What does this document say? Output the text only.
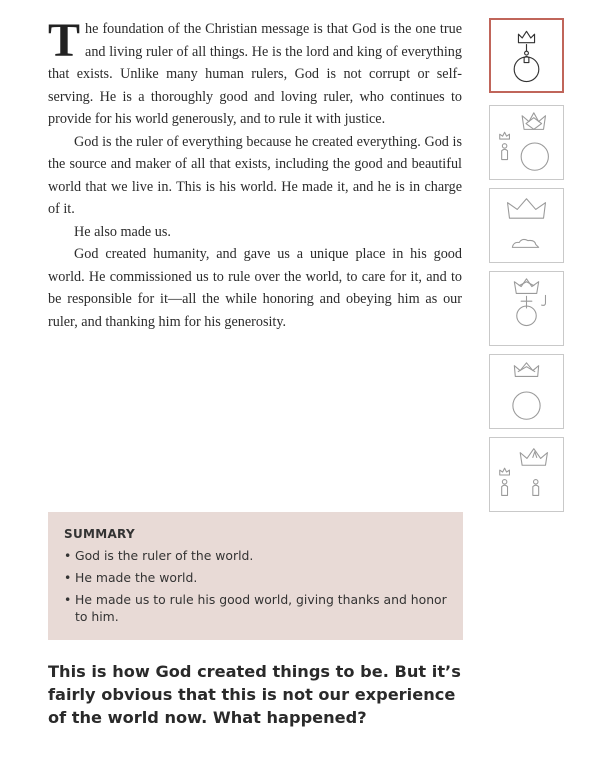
The foundation of the Christian message is that God is the one true and living ruler of all things. He is the lord and king of everything that exists. Unlike many human rulers, God is not corrupt or self-serving. He is a thoroughly good and loving ruler, who continues to provide for his world generously, and to rule it with justice.

God is the ruler of everything because he created everything. God is the source and maker of all that exists, including the good and beautiful world that we live in. This is his world. He made it, and he is in charge of it.

He also made us.

God created humanity, and gave us a unique place in his good world. He commissioned us to rule over the world, to care for it, and to be responsible for it—all the while honoring and obeying him as our ruler, and thanking him for his generosity.

SUMMARY
• God is the ruler of the world.
• He made the world.
• He made us to rule his good world, giving thanks and honor to him.
This is how God created things to be. But it’s fairly obvious that this is not our experience of the world now. What happened?
